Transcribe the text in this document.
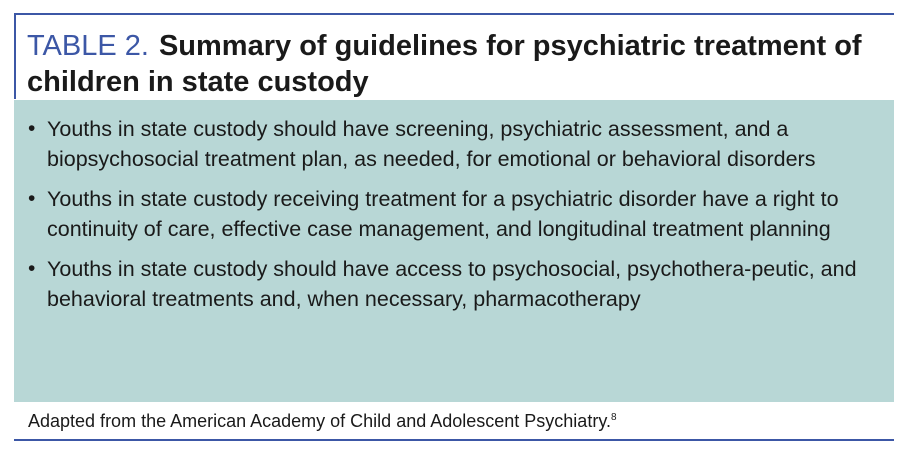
TABLE 2. Summary of guidelines for psychiatric treatment of children in state custody
• Youths in state custody should have screening, psychiatric assessment, and a biopsychosocial treatment plan, as needed, for emotional or behavioral disorders
• Youths in state custody receiving treatment for a psychiatric disorder have a right to continuity of care, effective case management, and longitudinal treatment planning
• Youths in state custody should have access to psychosocial, psychothera-peutic, and behavioral treatments and, when necessary, pharmacotherapy
Adapted from the American Academy of Child and Adolescent Psychiatry.$^8$
